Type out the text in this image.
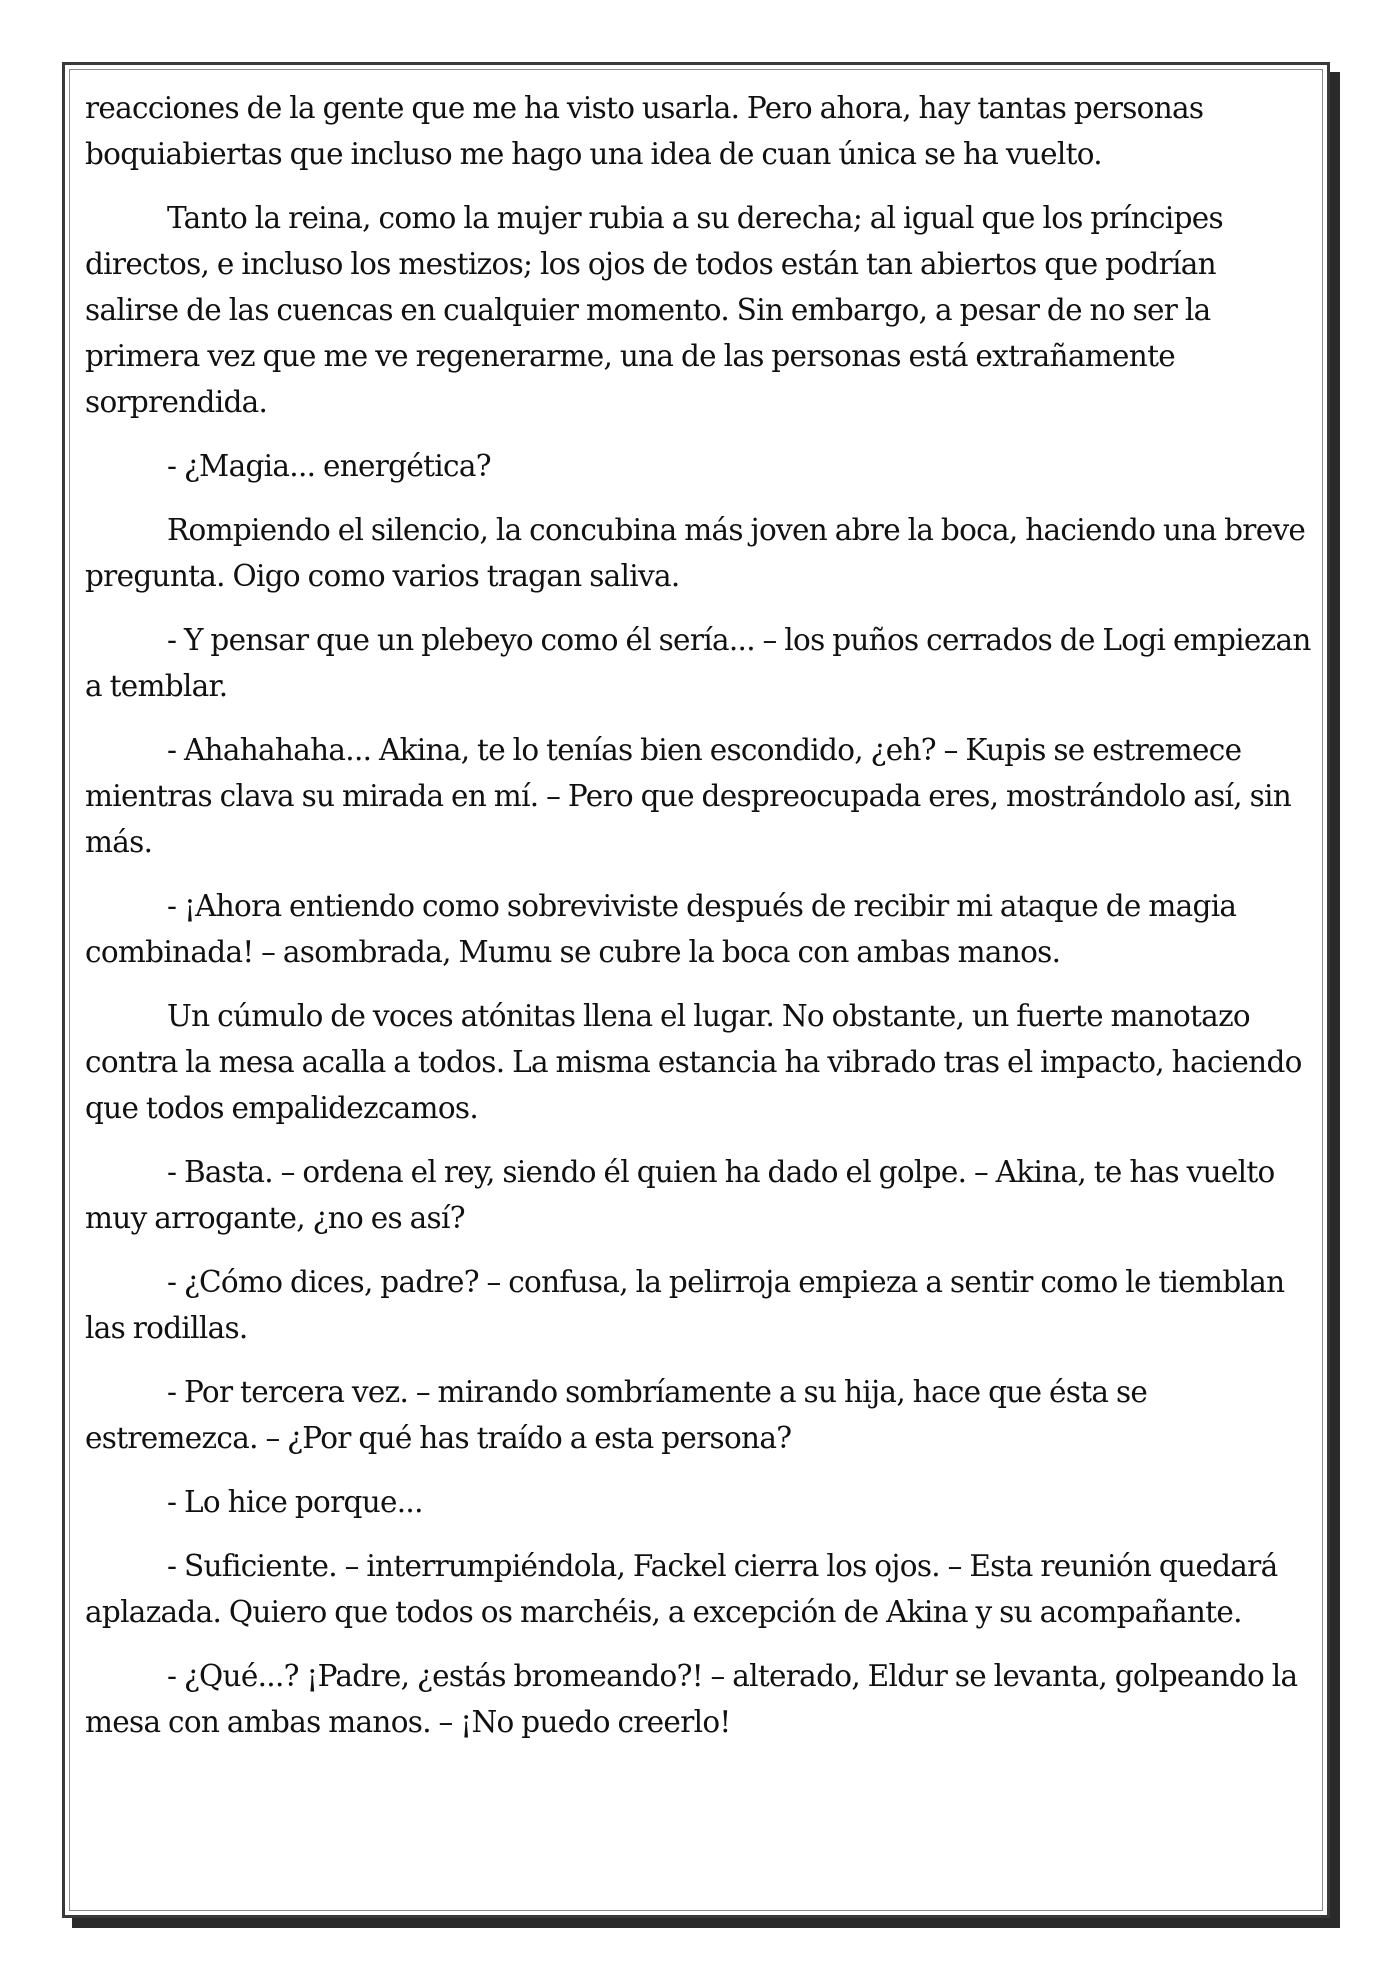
reacciones de la gente que me ha visto usarla. Pero ahora, hay tantas personas boquiabiertas que incluso me hago una idea de cuan única se ha vuelto.

Tanto la reina, como la mujer rubia a su derecha; al igual que los príncipes directos, e incluso los mestizos; los ojos de todos están tan abiertos que podrían salirse de las cuencas en cualquier momento. Sin embargo, a pesar de no ser la primera vez que me ve regenerarme, una de las personas está extrañamente sorprendida.

- ¿Magia... energética?

Rompiendo el silencio, la concubina más joven abre la boca, haciendo una breve pregunta. Oigo como varios tragan saliva.

- Y pensar que un plebeyo como él sería... – los puños cerrados de Logi empiezan a temblar.

- Ahahahaha... Akina, te lo tenías bien escondido, ¿eh? – Kupis se estremece mientras clava su mirada en mí. – Pero que despreocupada eres, mostrándolo así, sin más.

- ¡Ahora entiendo como sobreviviste después de recibir mi ataque de magia combinada! – asombrada, Mumu se cubre la boca con ambas manos.

Un cúmulo de voces atónitas llena el lugar. No obstante, un fuerte manotazo contra la mesa acalla a todos. La misma estancia ha vibrado tras el impacto, haciendo que todos empalidezcamos.

- Basta. – ordena el rey, siendo él quien ha dado el golpe. – Akina, te has vuelto muy arrogante, ¿no es así?

- ¿Cómo dices, padre? – confusa, la pelirroja empieza a sentir como le tiemblan las rodillas.

- Por tercera vez. – mirando sombríamente a su hija, hace que ésta se estremezca. – ¿Por qué has traído a esta persona?

- Lo hice porque...

- Suficiente. – interrumpiéndola, Fackel cierra los ojos. – Esta reunión quedará aplazada. Quiero que todos os marchéis, a excepción de Akina y su acompañante.

- ¿Qué...? ¡Padre, ¿estás bromeando?! – alterado, Eldur se levanta, golpeando la mesa con ambas manos. – ¡No puedo creerlo!
